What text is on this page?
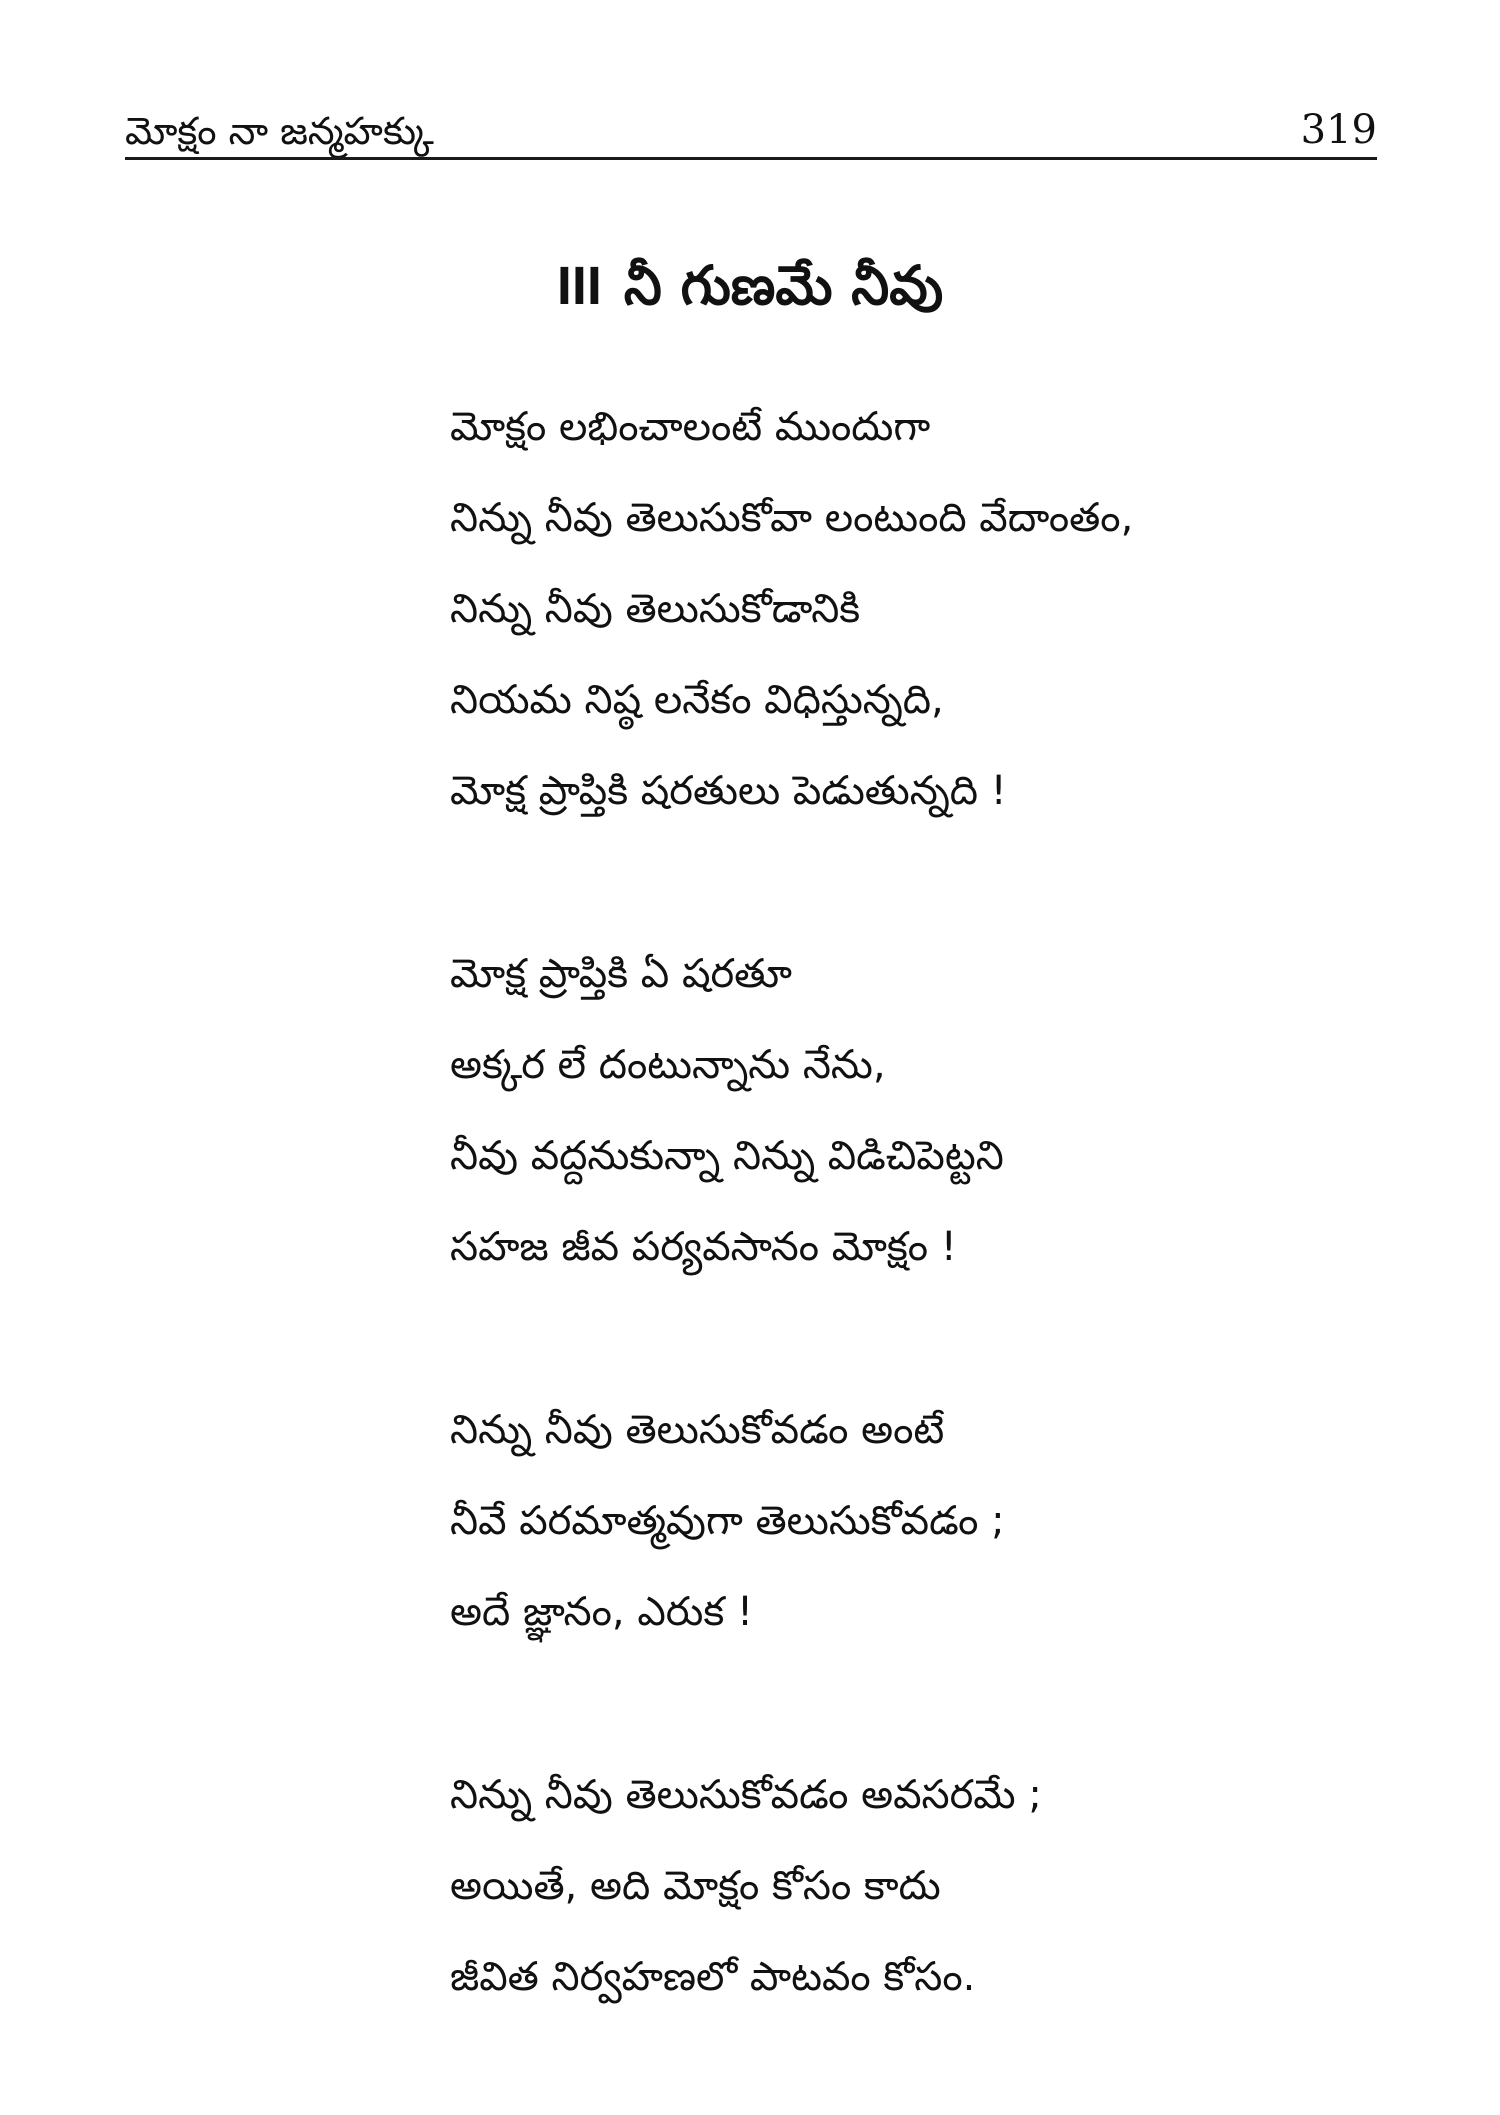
మోక్షం నా జన్మహక్కు	319
III నీ గుణమే నీవు
మోక్షం లభించాలంటే ముందుగా
నిన్ను నీవు తెలుసుకోవా లంటుంది వేదాంతం,
నిన్ను నీవు తెలుసుకోడానికి
నియమ నిష్ఠ లనేకం విధిస్తున్నది,
మోక్ష ప్రాప్తికి షరతులు పెడుతున్నది !
మోక్ష ప్రాప్తికి ఏ షరతూ
అక్కర లే దంటున్నాను నేను,
నీవు వద్దనుకున్నా నిన్ను విడిచిపెట్టని
సహజ జీవ పర్యవసానం మోక్షం !
నిన్ను నీవు తెలుసుకోవడం అంటే
నీవే పరమాత్మవుగా తెలుసుకోవడం ;
అదే జ్ఞానం, ఎరుక !
నిన్ను నీవు తెలుసుకోవడం అవసరమే ;
అయితే, అది మోక్షం కోసం కాదు
జీవిత నిర్వహణలో పాటవం కోసం.
